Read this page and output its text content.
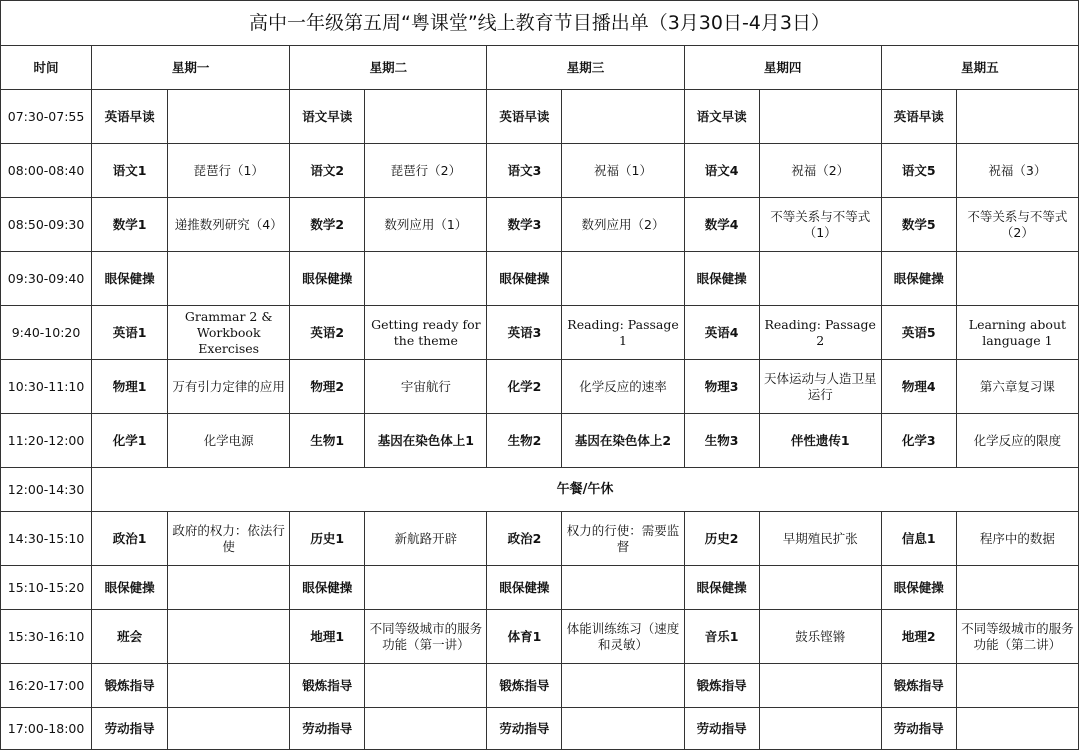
高中一年级第五周“粤课堂”线上教育节目播出单（3月30日-4月3日）
时间	星期一		星期二		星期三		星期四		星期五	
07:30-07:55	英语早读		语文早读		英语早读		语文早读		英语早读	
08:00-08:40	语文1	琵琶行（1）	语文2	琵琶行（2）	语文3	祝福（1）	语文4	祝福（2）	语文5	祝福（3）
08:50-09:30	数学1	递推数列研究（4）	数学2	数列应用（1）	数学3	数列应用（2）	数学4	不等关系与不等式（1）	数学5	不等关系与不等式（2）
09:30-09:40	眼保健操		眼保健操		眼保健操		眼保健操		眼保健操	
9:40-10:20	英语1	Grammar 2 & Workbook Exercises	英语2	Getting ready for the theme	英语3	Reading: Passage 1	英语4	Reading: Passage 2	英语5	Learning about language 1
10:30-11:10	物理1	万有引力定律的应用	物理2	宇宙航行	化学2	化学反应的速率	物理3	天体运动与人造卫星运行	物理4	第六章复习课
11:20-12:00	化学1	化学电源	生物1	基因在染色体上1	生物2	基因在染色体上2	生物3	伴性遗传1	化学3	化学反应的限度
12:00-14:30	午餐/午休									
14:30-15:10	政治1	政府的权力：依法行使	历史1	新航路开辟	政治2	权力的行使：需要监督	历史2	早期殖民扩张	信息1	程序中的数据
15:10-15:20	眼保健操		眼保健操		眼保健操		眼保健操		眼保健操	
15:30-16:10	班会		地理1	不同等级城市的服务功能（第一讲）	体育1	体能训练练习（速度和灵敏）	音乐1	鼓乐铿锵	地理2	不同等级城市的服务功能（第二讲）
16:20-17:00	锻炼指导		锻炼指导		锻炼指导		锻炼指导		锻炼指导	
17:00-18:00	劳动指导		劳动指导		劳动指导		劳动指导		劳动指导	
